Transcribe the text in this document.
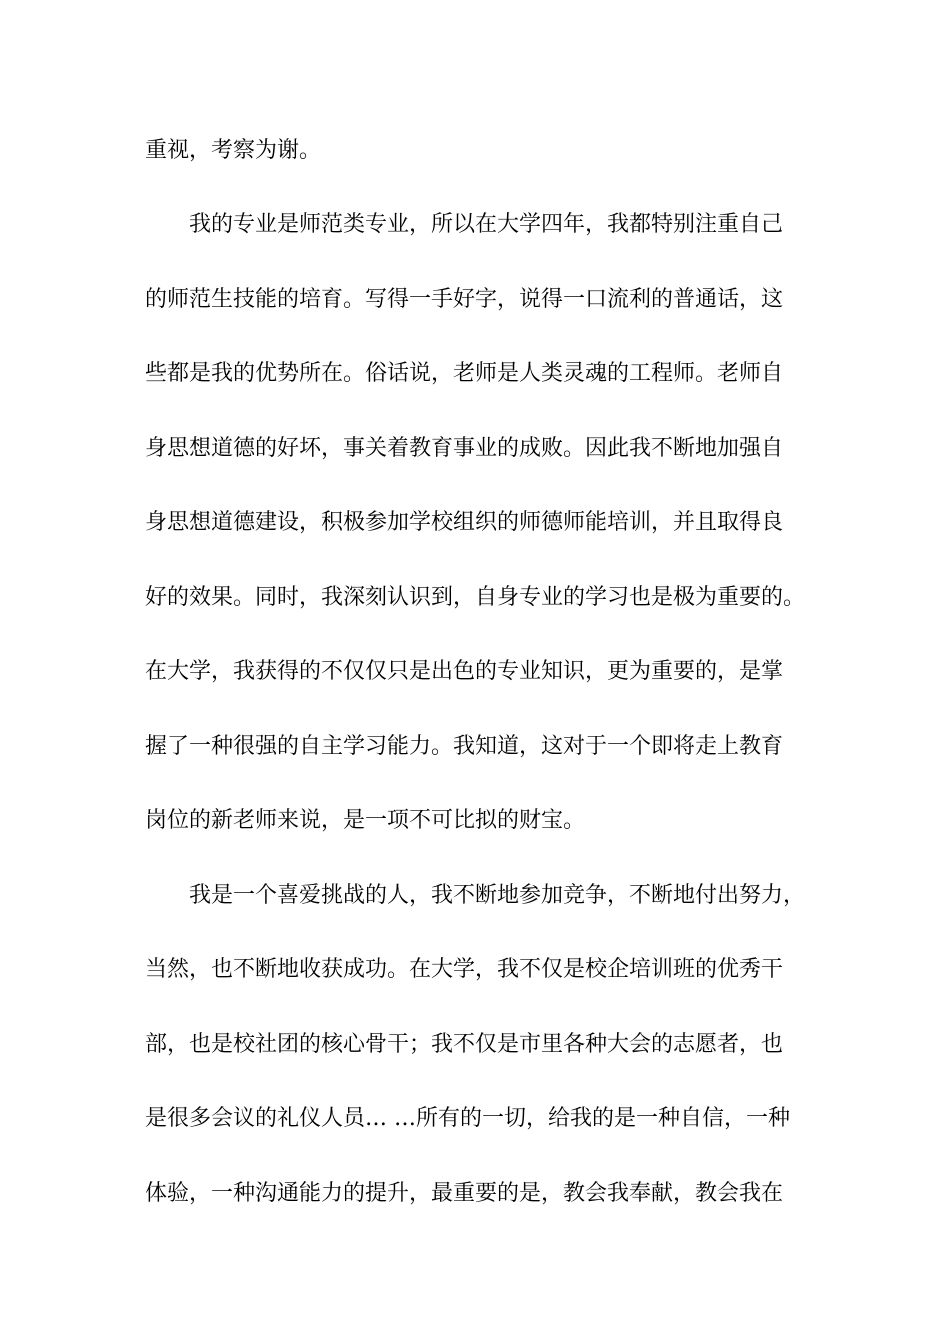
重视，考察为谢。
我的专业是师范类专业，所以在大学四年，我都特别注重自己
的师范生技能的培育。写得一手好字，说得一口流利的普通话，这
些都是我的优势所在。俗话说，老师是人类灵魂的工程师。老师自
身思想道德的好坏，事关着教育事业的成败。因此我不断地加强自
身思想道德建设，积极参加学校组织的师德师能培训，并且取得良
好的效果。同时，我深刻认识到，自身专业的学习也是极为重要的。
在大学，我获得的不仅仅只是出色的专业知识，更为重要的，是掌
握了一种很强的自主学习能力。我知道，这对于一个即将走上教育
岗位的新老师来说，是一项不可比拟的财宝。
我是一个喜爱挑战的人，我不断地参加竞争，不断地付出努力，
当然，也不断地收获成功。在大学，我不仅是校企培训班的优秀干
部，也是校社团的核心骨干；我不仅是市里各种大会的志愿者，也
是很多会议的礼仪人员… …所有的一切，给我的是一种自信，一种
体验，一种沟通能力的提升，最重要的是，教会我奉献，教会我在
